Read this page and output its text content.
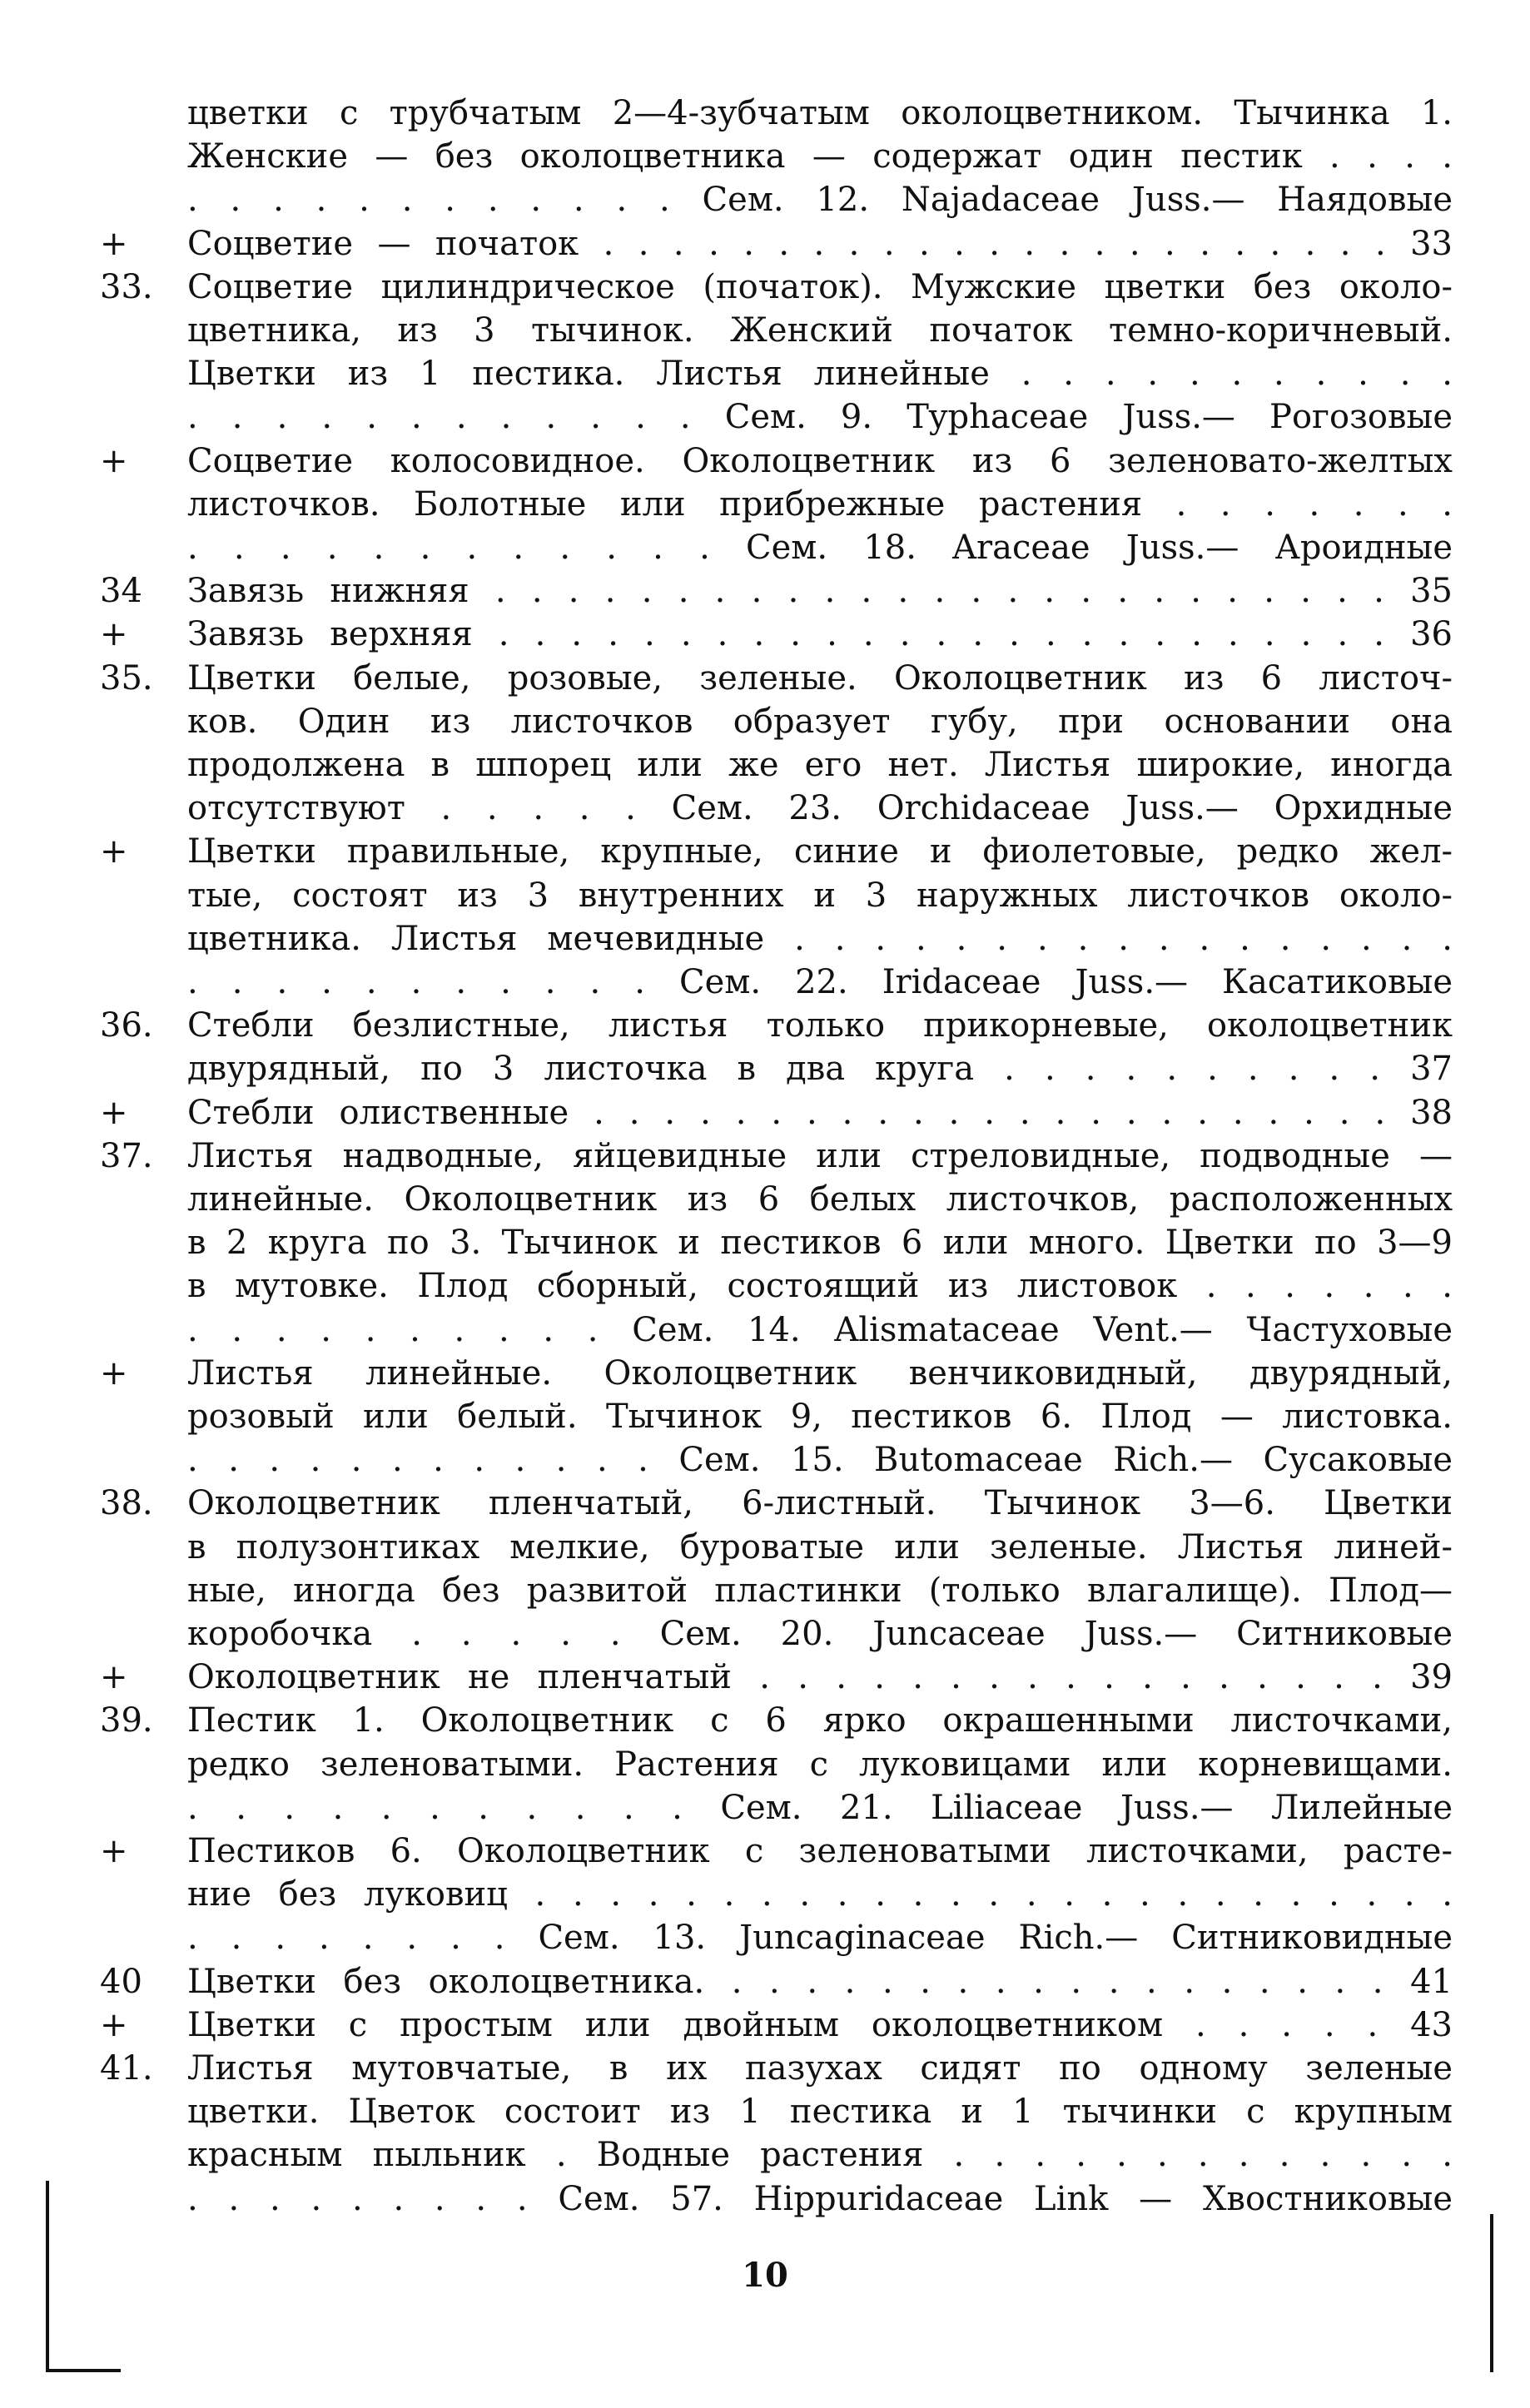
цветки с трубчатым 2—4-зубчатым околоцветником. Тычинка 1.
Женские — без околоцветника — содержат один пестик . . . .
. . . . . . . . . . . . Сем. 12. Najadaceae Juss.— Наядовые
+	Соцветие — початок . . . . . . . . . . . . . . . . . . . . . . . 33
33.	Соцветие цилиндрическое (початок). Мужские цветки без около-
цветника, из 3 тычинок. Женский початок темно-коричневый.
Цветки из 1 пестика. Листья линейные . . . . . . . . . . .
. . . . . . . . . . . . Сем. 9. Typhaceae Juss.— Рогозовые
+	Соцветие колосовидное. Околоцветник из 6 зеленовато-желтых
листочков. Болотные или прибрежные растения . . . . . . .
. . . . . . . . . . . . Сем. 18. Araceae Juss.— Ароидные
34	Завязь нижняя . . . . . . . . . . . . . . . . . . . . . . . . . 35
+	Завязь верхняя . . . . . . . . . . . . . . . . . . . . . . . . . 36
35.	Цветки белые, розовые, зеленые. Околоцветник из 6 листоч-
ков. Один из листочков образует губу, при основании она
продолжена в шпорец или же его нет. Листья широкие, иногда
отсутствуют . . . . . Сем. 23. Orchidaceae Juss.— Орхидные
+	Цветки правильные, крупные, синие и фиолетовые, редко жел-
тые, состоят из 3 внутренних и 3 наружных листочков около-
цветника. Листья мечевидные . . . . . . . . . . . . . . . . .
. . . . . . . . . . . Сем. 22. Iridaceae Juss.— Касатиковые
36.	Стебли безлистные, листья только прикорневые, околоцветник
двурядный, по 3 листочка в два круга . . . . . . . . . . 37
+	Стебли олиственные . . . . . . . . . . . . . . . . . . . . . . . 38
37.	Листья надводные, яйцевидные или стреловидные, подводные —
линейные. Околоцветник из 6 белых листочков, расположенных
в 2 круга по 3. Тычинок и пестиков 6 или много. Цветки по 3—9
в мутовке. Плод сборный, состоящий из листовок . . . . . . .
. . . . . . . . . . Сем. 14. Alismataceae Vent.— Частуховые
+	Листья линейные. Околоцветник венчиковидный, двурядный,
розовый или белый. Тычинок 9, пестиков 6. Плод — листовка.
. . . . . . . . . . . . Сем. 15. Butomaceae Rich.— Сусаковые
38.	Околоцветник пленчатый, 6-листный. Тычинок 3—6. Цветки
в полузонтиках мелкие, буроватые или зеленые. Листья линей-
ные, иногда без развитой пластинки (только влагалище). Плод—
коробочка . . . . . Сем. 20. Juncaceae Juss.— Ситниковые
+	Околоцветник не пленчатый . . . . . . . . . . . . . . . . . 39
39.	Пестик 1. Околоцветник с 6 ярко окрашенными листочками,
редко зеленоватыми. Растения с луковицами или корневищами.
. . . . . . . . . . . Сем. 21. Liliaceae Juss.— Лилейные
+	Пестиков 6. Околоцветник с зеленоватыми листочками, расте-
ние без луковиц . . . . . . . . . . . . . . . . . . . . . . . . .
. . . . . . . . Сем. 13. Juncaginaceae Rich.— Ситниковидные
40	Цветки без околоцветника. . . . . . . . . . . . . . . . . . . 41
+	Цветки с простым или двойным околоцветником . . . . . 43
41.	Листья мутовчатые, в их пазухах сидят по одному зеленые
цветки. Цветок состоит из 1 пестика и 1 тычинки с крупным
красным пыльник . Водные растения . . . . . . . . . . . . .
. . . . . . . . . Сем. 57. Hippuridaceae Link — Хвостниковые
10
